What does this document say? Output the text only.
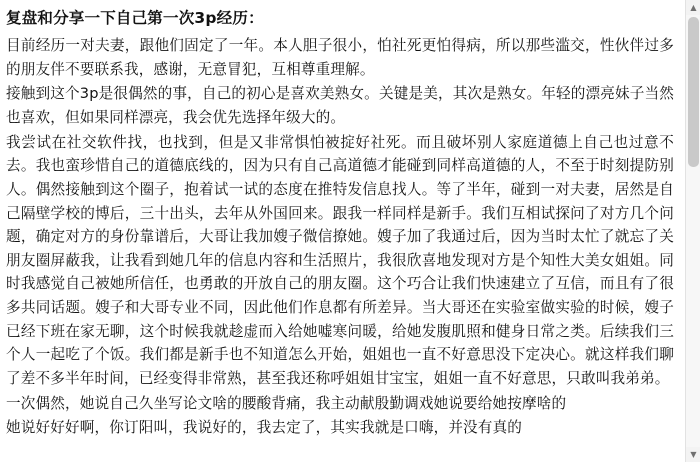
复盘和分享一下自己第一次3p经历：

目前经历一对夫妻，跟他们固定了一年。本人胆子很小，怕社死更怕得病，所以那些滥交，性伙伴过多的朋友伴不要联系我，感谢，无意冒犯，互相尊重理解。

接触到这个3p是很偶然的事，自己的初心是喜欢美熟女。关键是美，其次是熟女。年轻的漂亮妹子当然也喜欢，但如果同样漂亮，我会优先选择年级大的。

我尝试在社交软件找，也找到，但是又非常惧怕被掟好社死。而且破坏别人家庭道德上自己也过意不去。我也蛮珍惜自己的道德底线的，因为只有自己高道德才能碰到同样高道德的人，不至于时刻提防别人。偶然接触到这个圈子，抱着试一试的态度在推特发信息找人。等了半年，碰到一对夫妻，居然是自己隔壁学校的博后，三十出头，去年从外国回来。跟我一样同样是新手。我们互相试探问了对方几个问题，确定对方的身份靠谱后，大哥让我加嫂子微信撩她。嫂子加了我通过后，因为当时太忙了就忘了关朋友圈屏蔽我，让我看到她几年的信息内容和生活照片，我很欣喜地发现对方是个知性大美女姐姐。同时我感觉自己被她所信任，也勇敢的开放自己的朋友圈。这个巧合让我们快速建立了互信，而且有了很多共同话题。嫂子和大哥专业不同，因此他们作息都有所差异。当大哥还在实验室做实验的时候，嫂子已经下班在家无聊，这个时候我就趁虚而入给她嘘寒问暖，给她发腹肌照和健身日常之类。后续我们三个人一起吃了个饭。我们都是新手也不知道怎么开始，姐姐也一直不好意思没下定决心。就这样我们聊了差不多半年时间，已经变得非常熟，甚至我还称呼姐姐甘宝宝，姐姐一直不好意思，只敢叫我弟弟。

一次偶然，她说自己久坐写论文啥的腰酸背痛，我主动献殷勤调戏她说要给她按摩啥的

她说好好好啊，你订阳叫，我说好的，我去定了，其实我就是口嗨，并没有真的

▲
▼
